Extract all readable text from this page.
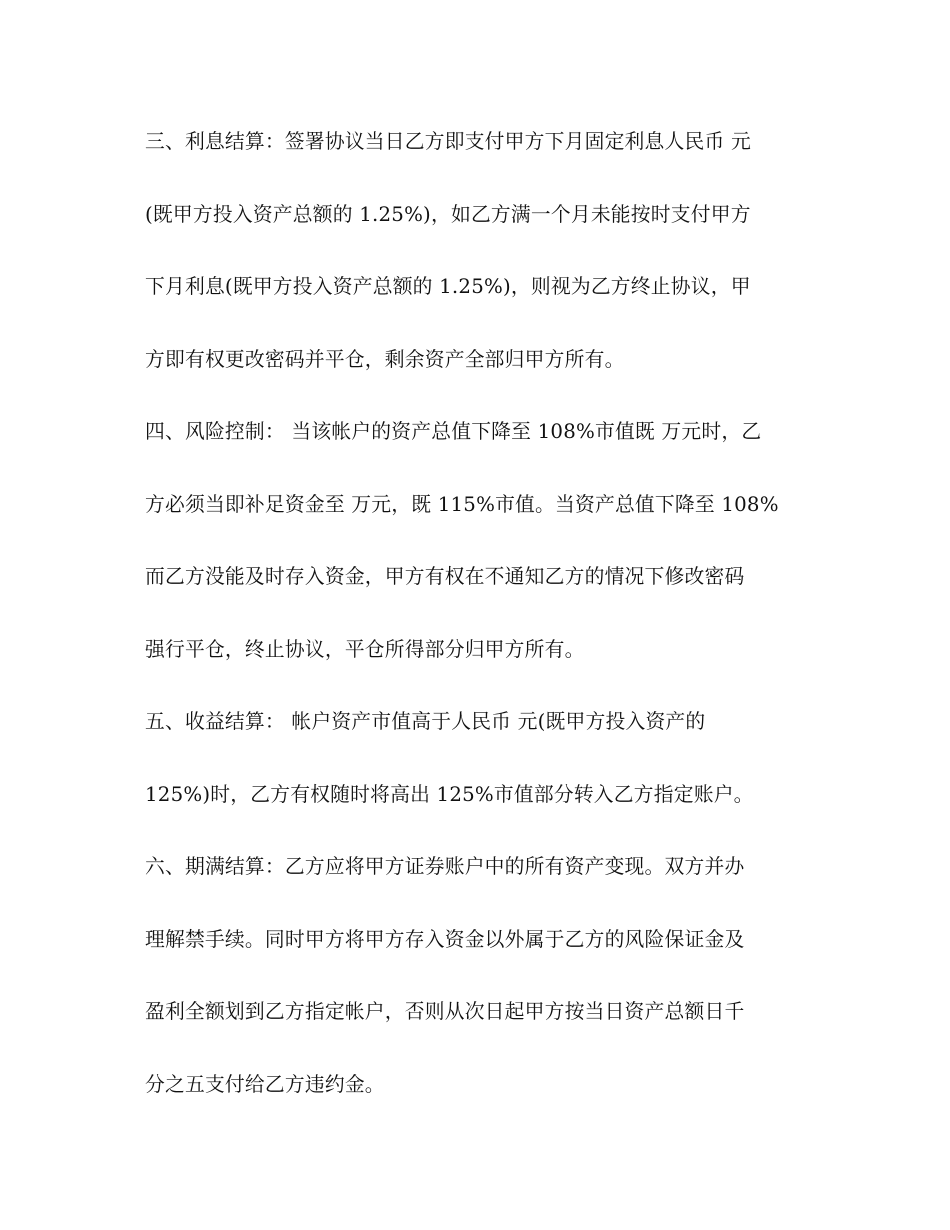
三、利息结算：签署协议当日乙方即支付甲方下月固定利息人民币 元
(既甲方投入资产总额的 1.25%)，如乙方满一个月未能按时支付甲方
下月利息(既甲方投入资产总额的 1.25%)，则视为乙方终止协议，甲
方即有权更改密码并平仓，剩余资产全部归甲方所有。
四、风险控制： 当该帐户的资产总值下降至 108%市值既 万元时，乙
方必须当即补足资金至 万元，既 115%市值。当资产总值下降至 108%
而乙方没能及时存入资金，甲方有权在不通知乙方的情况下修改密码
强行平仓，终止协议，平仓所得部分归甲方所有。
五、收益结算： 帐户资产市值高于人民币 元(既甲方投入资产的
125%)时，乙方有权随时将高出 125%市值部分转入乙方指定账户。
六、期满结算：乙方应将甲方证券账户中的所有资产变现。双方并办
理解禁手续。同时甲方将甲方存入资金以外属于乙方的风险保证金及
盈利全额划到乙方指定帐户，否则从次日起甲方按当日资产总额日千
分之五支付给乙方违约金。
